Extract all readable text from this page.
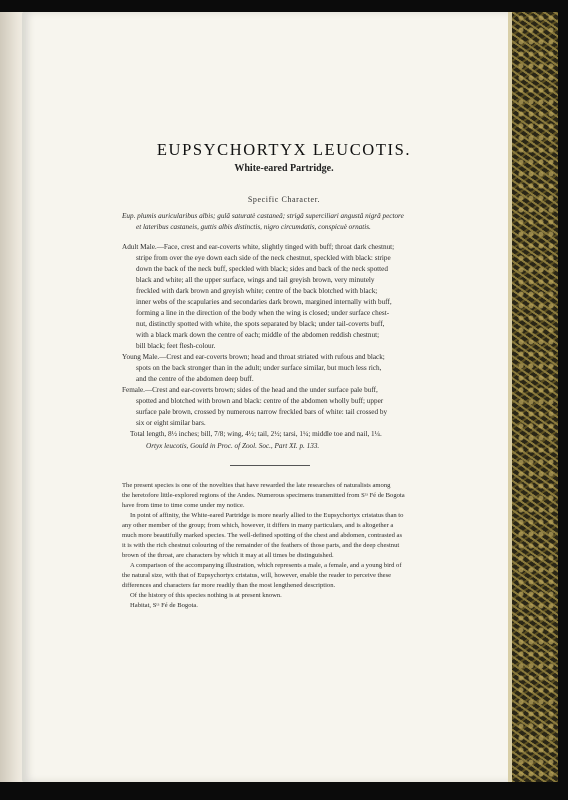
EUPSYCHORTYX LEUCOTIS.
White-eared Partridge.
Specific Character.
Eup. plumis auricularibus albis; gulâ saturatè castaneâ; strigâ superciliari angustâ nigrâ pectore
et lateribus castaneis, guttis albis distinctis, nigro circumdatis, conspicuè ornatis.
Adult Male.—Face, crest and ear-coverts white, slightly tinged with buff; throat dark chestnut;
stripe from over the eye down each side of the neck chestnut, speckled with black: stripe
down the back of the neck buff, speckled with black; sides and back of the neck spotted
black and white; all the upper surface, wings and tail greyish brown, very minutely
freckled with dark brown and greyish white; centre of the back blotched with black;
inner webs of the scapularies and secondaries dark brown, margined internally with buff,
forming a line in the direction of the body when the wing is closed; under surface chest-
nut, distinctly spotted with white, the spots separated by black; under tail-coverts buff,
with a black mark down the centre of each; middle of the abdomen reddish chestnut;
bill black; feet flesh-colour.
Young Male.—Crest and ear-coverts brown; head and throat striated with rufous and black;
spots on the back stronger than in the adult; under surface similar, but much less rich,
and the centre of the abdomen deep buff.
Female.—Crest and ear-coverts brown; sides of the head and the under surface pale buff,
spotted and blotched with brown and black: centre of the abdomen wholly buff; upper
surface pale brown, crossed by numerous narrow freckled bars of white: tail crossed by
six or eight similar bars.
Total length, 8½ inches; bill, 7/8; wing, 4½; tail, 2½; tarsi, 1¼; middle toe and nail, 1¼.
Ortyx leucotis, Gould in Proc. of Zool. Soc., Part XI. p. 133.
The present species is one of the novelties that have rewarded the late researches of naturalists among
the heretofore little-explored regions of the Andes. Numerous specimens transmitted from Sᵗᵃ Fé de Bogota
have from time to time come under my notice.
In point of affinity, the White-eared Partridge is more nearly allied to the Eupsychortyx cristatus than to
any other member of the group; from which, however, it differs in many particulars, and is altogether a
much more beautifully marked species. The well-defined spotting of the chest and abdomen, contrasted as
it is with the rich chestnut colouring of the remainder of the feathers of those parts, and the deep chestnut
brown of the throat, are characters by which it may at all times be distinguished.
A comparison of the accompanying illustration, which represents a male, a female, and a young bird of
the natural size, with that of Eupsychortyx cristatus, will, however, enable the reader to perceive these
differences and characters far more readily than the most lengthened description.
Of the history of this species nothing is at present known.
Habitat, Sᵗᵃ Fé de Bogota.
